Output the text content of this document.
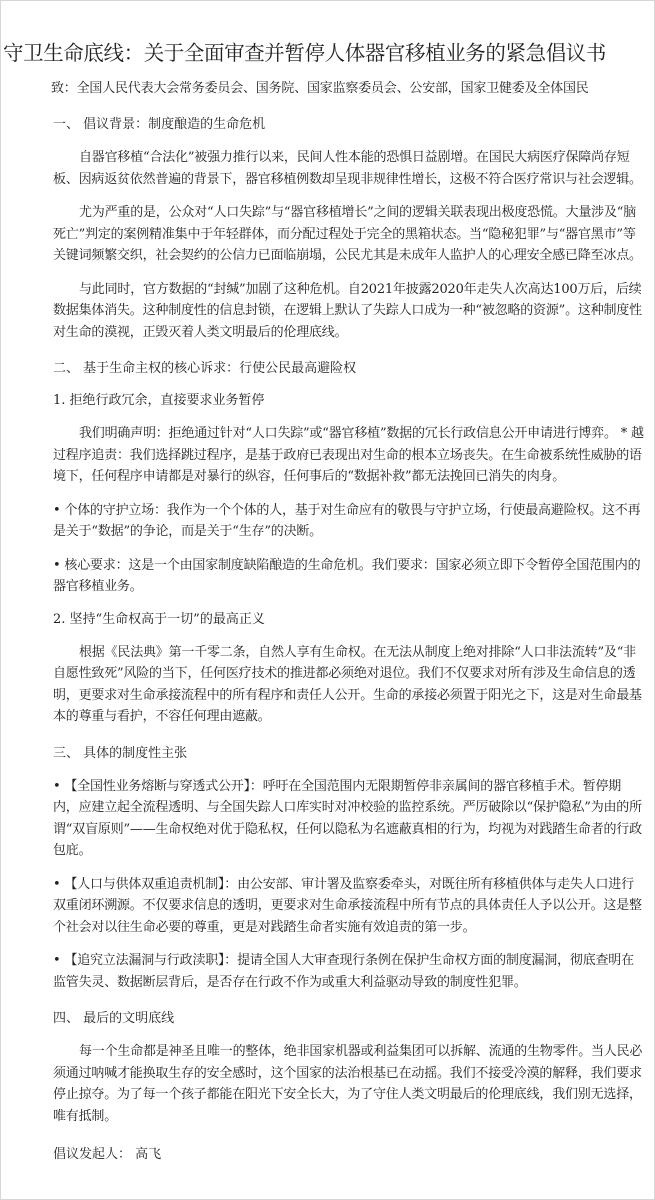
守卫生命底线：关于全面审查并暂停人体器官移植业务的紧急倡议书
致：全国人民代表大会常务委员会、国务院、国家监察委员会、公安部，国家卫健委及全体国民
一、 倡议背景：制度酿造的生命危机
自器官移植“合法化”被强力推行以来，民间人性本能的恐惧日益剧增。在国民大病医疗保障尚存短板、因病返贫依然普遍的背景下，器官移植例数却呈现非规律性增长，这极不符合医疗常识与社会逻辑。
尤为严重的是，公众对“人口失踪”与“器官移植增长”之间的逻辑关联表现出极度恐慌。大量涉及“脑死亡”判定的案例精准集中于年轻群体，而分配过程处于完全的黑箱状态。当“隐秘犯罪”与“器官黑市”等关键词频繁交织，社会契约的公信力已面临崩塌，公民尤其是未成年人监护人的心理安全感已降至冰点。
与此同时，官方数据的“封缄”加剧了这种危机。自2021年披露2020年走失人次高达100万后，后续数据集体消失。这种制度性的信息封锁，在逻辑上默认了失踪人口成为一种“被忽略的资源”。这种制度性对生命的漠视，正毁灭着人类文明最后的伦理底线。
二、 基于生命主权的核心诉求：行使公民最高避险权
1. 拒绝行政冗余，直接要求业务暂停
我们明确声明：拒绝通过针对“人口失踪”或“器官移植”数据的冗长行政信息公开申请进行博弈。 * 越过程序追责：我们选择跳过程序，是基于政府已表现出对生命的根本立场丧失。在生命被系统性威胁的语境下，任何程序申请都是对暴行的纵容，任何事后的“数据补救”都无法挽回已消失的肉身。
• 个体的守护立场：我作为一个个体的人，基于对生命应有的敬畏与守护立场，行使最高避险权。这不再是关于“数据”的争论，而是关于“生存”的决断。
• 核心要求：这是一个由国家制度缺陷酿造的生命危机。我们要求：国家必须立即下令暂停全国范围内的器官移植业务。
2. 坚持“生命权高于一切”的最高正义
根据《民法典》第一千零二条，自然人享有生命权。在无法从制度上绝对排除“人口非法流转”及“非自愿性致死”风险的当下，任何医疗技术的推进都必须绝对退位。我们不仅要求对所有涉及生命信息的透明，更要求对生命承接流程中的所有程序和责任人公开。生命的承接必须置于阳光之下，这是对生命最基本的尊重与看护，不容任何理由遮蔽。
三、 具体的制度性主张
• 【全国性业务熔断与穿透式公开】：呼吁在全国范围内无限期暂停非亲属间的器官移植手术。暂停期内，应建立起全流程透明、与全国失踪人口库实时对冲校验的监控系统。严厉破除以“保护隐私”为由的所谓“双盲原则”——生命权绝对优于隐私权，任何以隐私为名遮蔽真相的行为，均视为对践踏生命者的行政包庇。
• 【人口与供体双重追责机制】：由公安部、审计署及监察委牵头，对既往所有移植供体与走失人口进行双重闭环溯源。不仅要求信息的透明，更要求对生命承接流程中所有节点的具体责任人予以公开。这是整个社会对以往生命必要的尊重，更是对践踏生命者实施有效追责的第一步。
• 【追究立法漏洞与行政渎职】：提请全国人大审查现行条例在保护生命权方面的制度漏洞，彻底查明在监管失灵、数据断层背后，是否存在行政不作为或重大利益驱动导致的制度性犯罪。
四、 最后的文明底线
每一个生命都是神圣且唯一的整体，绝非国家机器或利益集团可以拆解、流通的生物零件。当人民必须通过呐喊才能换取生存的安全感时，这个国家的法治根基已在动摇。我们不接受冷漠的解释，我们要求停止掠夺。为了每一个孩子都能在阳光下安全长大，为了守住人类文明最后的伦理底线，我们别无选择，唯有抵制。
倡议发起人： 高飞
